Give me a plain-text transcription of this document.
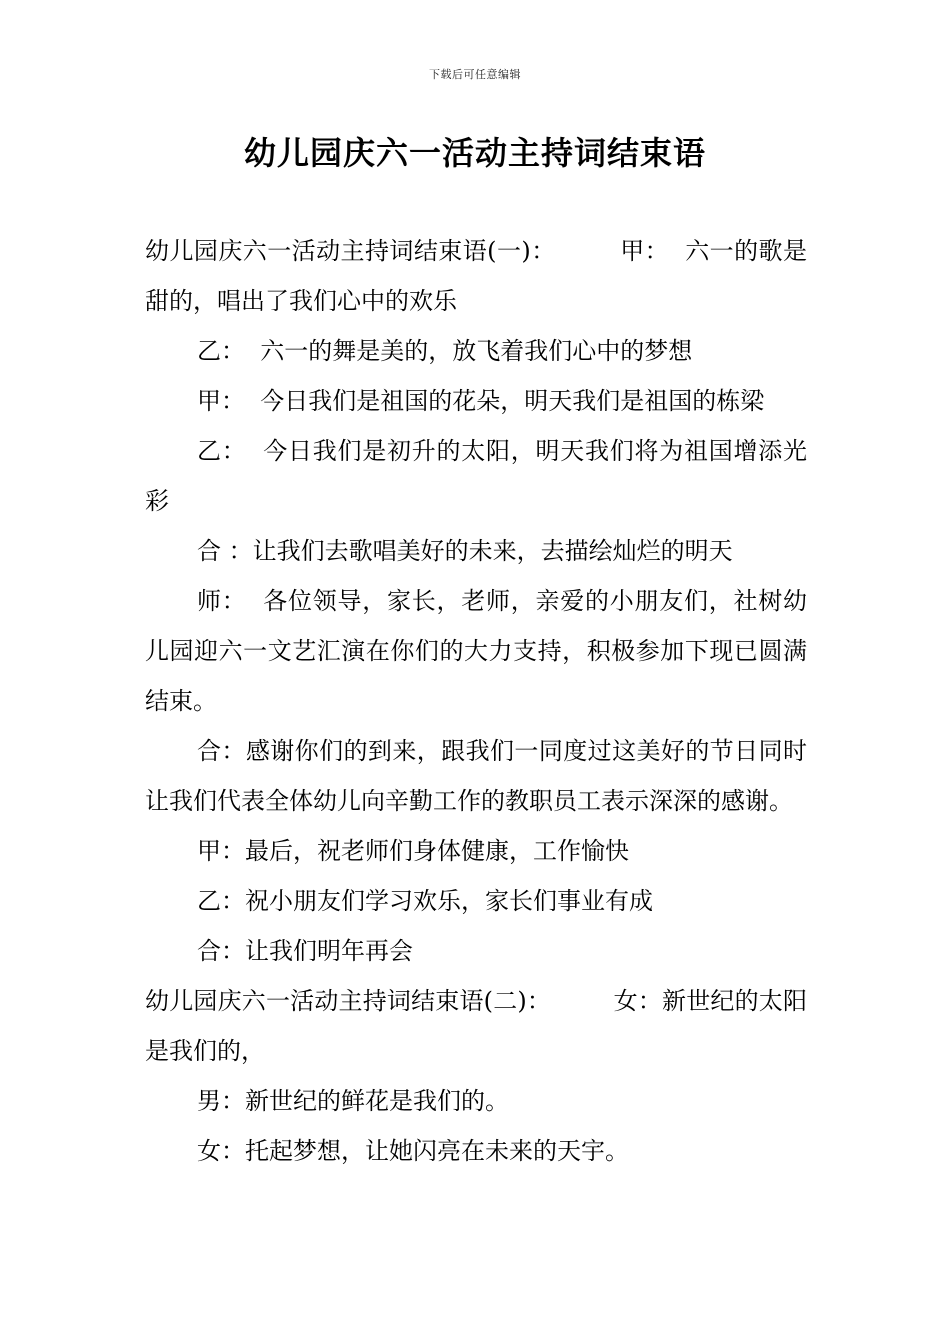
下载后可任意编辑
幼儿园庆六一活动主持词结束语

幼儿园庆六一活动主持词结束语(一)：        甲：  六一的歌是甜的，唱出了我们心中的欢乐

乙：  六一的舞是美的，放飞着我们心中的梦想

甲：  今日我们是祖国的花朵，明天我们是祖国的栋梁

乙：  今日我们是初升的太阳，明天我们将为祖国增添光彩

合 ：让我们去歌唱美好的未来，去描绘灿烂的明天

师：  各位领导，家长，老师，亲爱的小朋友们，社树幼儿园迎六一文艺汇演在你们的大力支持，积极参加下现已圆满结束。

合：感谢你们的到来，跟我们一同度过这美好的节日同时让我们代表全体幼儿向辛勤工作的教职员工表示深深的感谢。

甲：最后，祝老师们身体健康，工作愉快

乙：祝小朋友们学习欢乐，家长们事业有成

合：让我们明年再会

幼儿园庆六一活动主持词结束语(二)：        女：新世纪的太阳是我们的，

男：新世纪的鲜花是我们的。

女：托起梦想，让她闪亮在未来的天宇。
